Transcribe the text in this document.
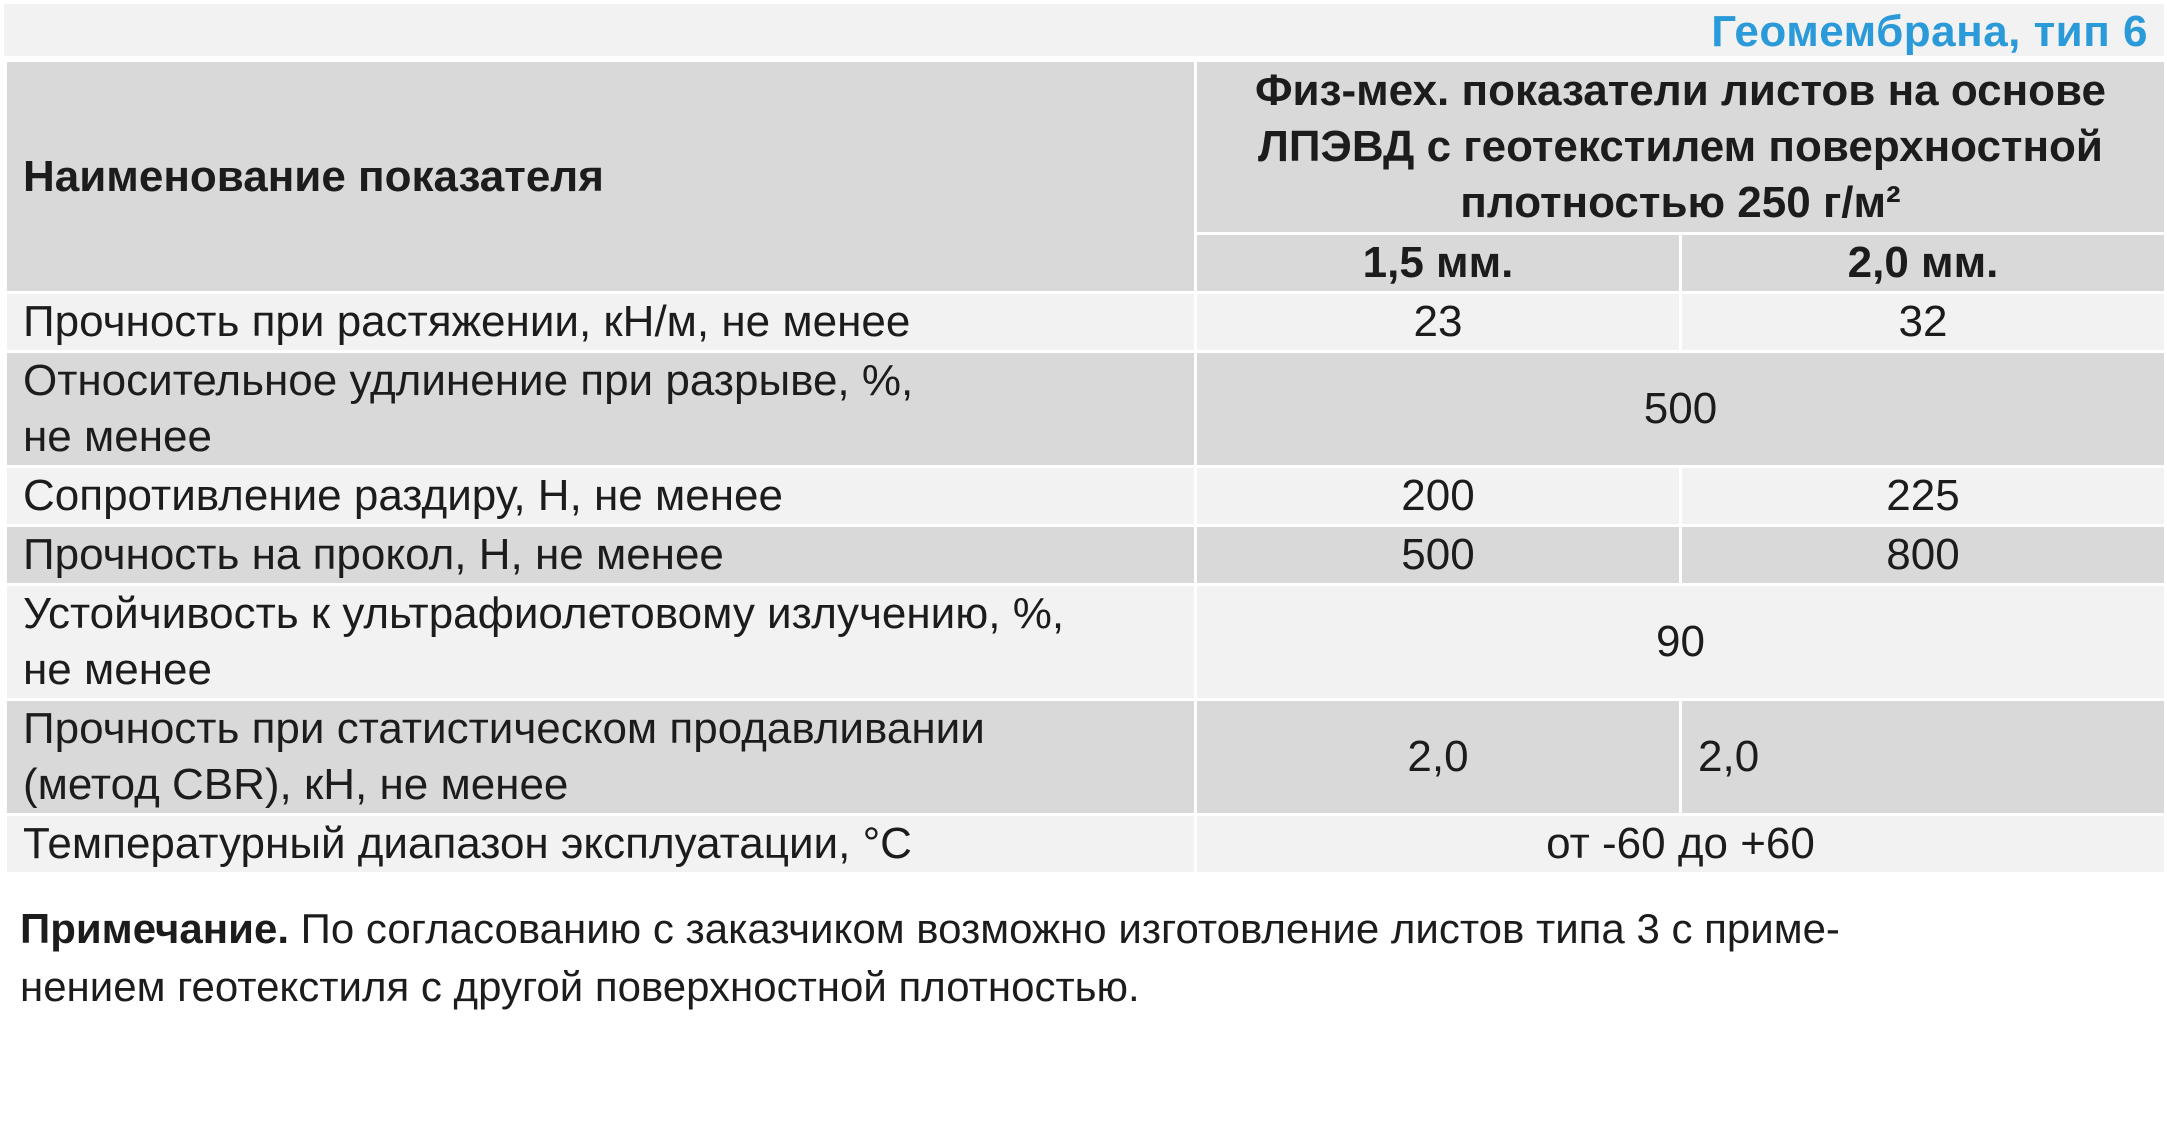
Геомембрана, тип 6
Наименование показателя	Физ-мех. показатели листов на основе ЛПЭВД с геотекстилем поверхностной плотностью 250 г/м²	

	1,5 мм.	2,0 мм.
Прочность при растяжении, кН/м, не менее	23	32

Относительное удлинение при разрыве, %,
не менее	500	
Сопротивление раздиру, Н, не менее	200	225
Прочность на прокол, Н, не менее	500	800

Устойчивость к ультрафиолетовому излучению, %,
не менее	90	

Прочность при статистическом продавливании
(метод CBR), кН, не менее	2,0	2,0
Температурный диапазон эксплуатации, °С	от -60 до +60	
Примечание. По согласованию с заказчиком возможно изготовление листов типа 3 с приме-
нением геотекстиля с другой поверхностной плотностью.
